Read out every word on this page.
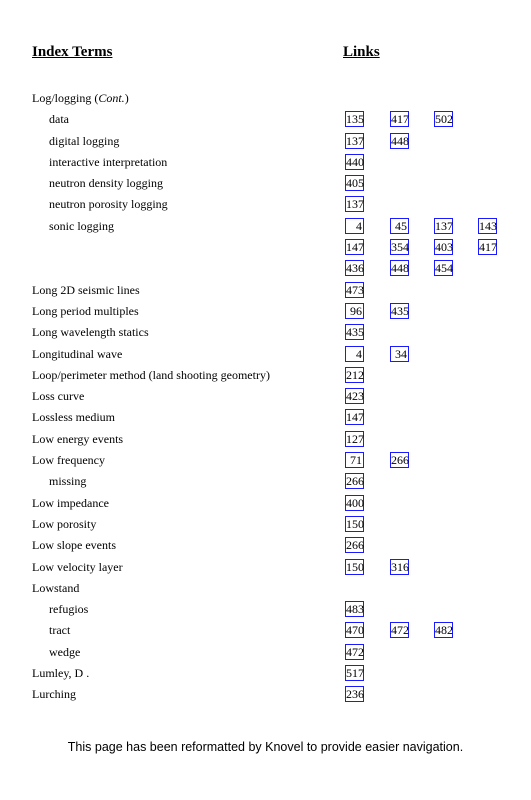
Index Terms	Links
Log/logging (Cont.)
data	135 417 502
digital logging	137 448
interactive interpretation	440
neutron density logging	405
neutron porosity logging	137
sonic logging	4	45 137 143
147 354 403 417
436 448 454
Long 2D seismic lines	473
Long period multiples	96 435
Long wavelength statics	435
Longitudinal wave	4	34
Loop/perimeter method (land shooting geometry)	212
Loss curve	423
Lossless medium	147
Low energy events	127
Low frequency	71 266
missing	266
Low impedance	400
Low porosity	150
Low slope events	266
Low velocity layer	150 316
Lowstand
refugios	483
tract	470 472 482
wedge	472
Lumley, D .	517
Lurching	236
This page has been reformatted by Knovel to provide easier navigation.
